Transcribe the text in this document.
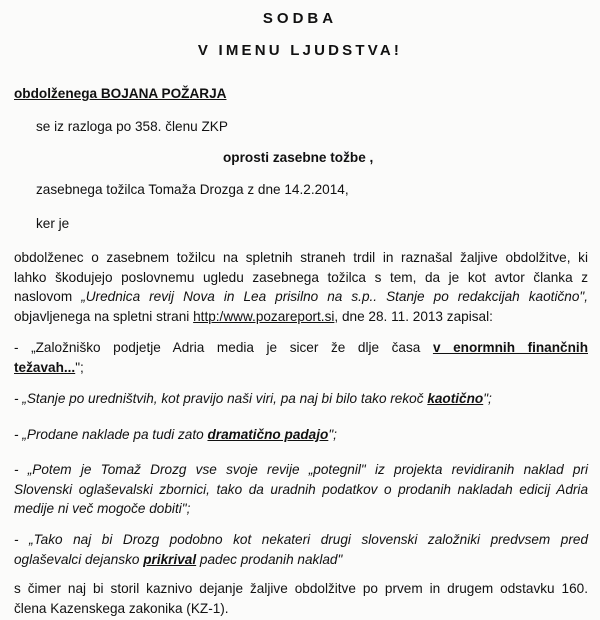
SODBA
V IMENU LJUDSTVA!
obdolženega BOJANA POŽARJA
se iz razloga po 358. členu ZKP
oprosti zasebne tožbe ,
zasebnega tožilca Tomaža Drozga z dne 14.2.2014,
ker je
obdolženec o zasebnem tožilcu na spletnih straneh trdil in raznašal žaljive obdolžitve, ki
lahko škodujejo poslovnemu ugledu zasebnega tožilca s tem, da je kot avtor članka z
naslovom „Urednica revij Nova in Lea prisilno na s.p.. Stanje po redakcijah kaotično",
objavljenega na spletni strani http:/www.pozareport.si, dne 28. 11. 2013 zapisal:
- „Založniško podjetje Adria media je sicer že dlje časa v enormnih finančnih
težavah...";
- „Stanje po uredništvih, kot pravijo naši viri, pa naj bi bilo tako rekoč kaotično";
- „Prodane naklade pa tudi zato dramatično padajo";
- „Potem je Tomaž Drozg vse svoje revije „potegnil" iz projekta revidiranih naklad pri
Slovenski oglaševalski zbornici, tako da uradnih podatkov o prodanih nakladah edicij Adria
medije ni več mogoče dobiti";
- „Tako naj bi Drozg podobno kot nekateri drugi slovenski založniki predvsem pred
oglaševalci dejansko prikrival padec prodanih naklad"
s čimer naj bi storil kaznivo dejanje žaljive obdolžitve po prvem in drugem odstavku 160.
člena Kazenskega zakonika (KZ-1).
